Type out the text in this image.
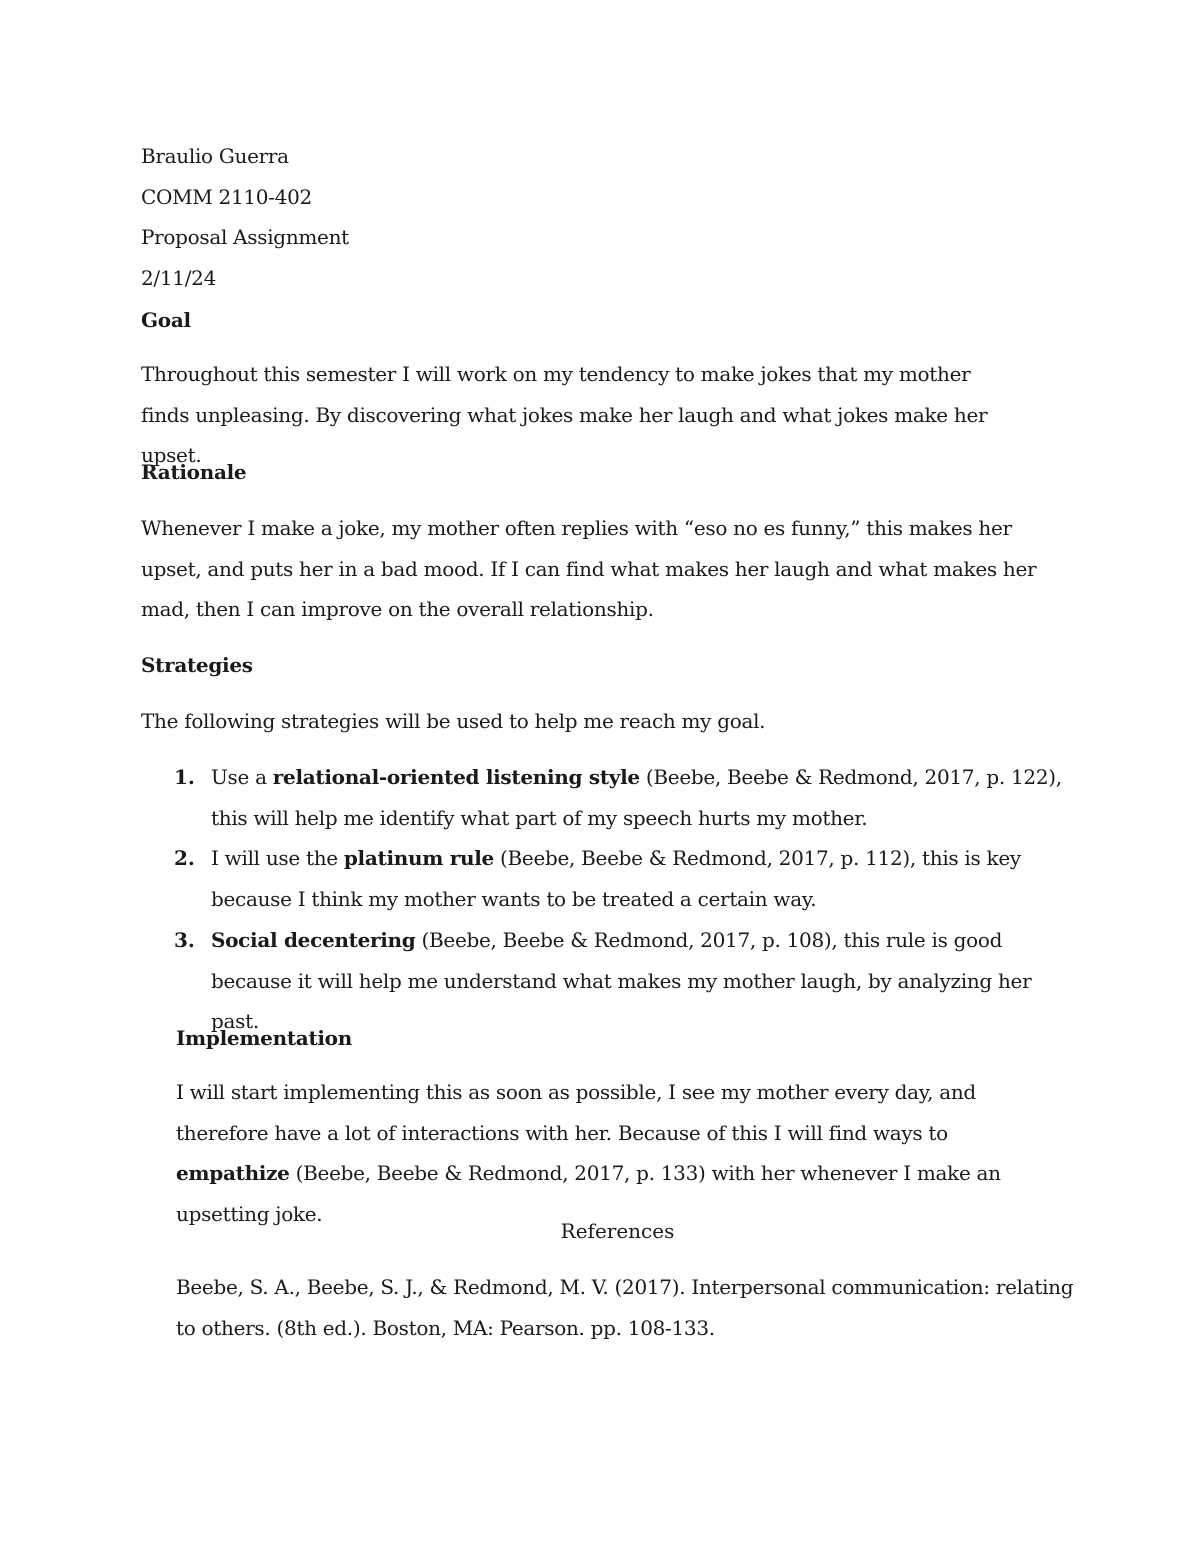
Braulio Guerra
COMM 2110-402
Proposal Assignment
2/11/24
Goal
Throughout this semester I will work on my tendency to make jokes that my mother finds unpleasing. By discovering what jokes make her laugh and what jokes make her upset.
Rationale
Whenever I make a joke, my mother often replies with “eso no es funny,” this makes her upset, and puts her in a bad mood. If I can find what makes her laugh and what makes her mad, then I can improve on the overall relationship.
Strategies
The following strategies will be used to help me reach my goal.
1. Use a relational-oriented listening style (Beebe, Beebe & Redmond, 2017, p. 122), this will help me identify what part of my speech hurts my mother.
2. I will use the platinum rule (Beebe, Beebe & Redmond, 2017, p. 112), this is key because I think my mother wants to be treated a certain way.
3. Social decentering (Beebe, Beebe & Redmond, 2017, p. 108), this rule is good because it will help me understand what makes my mother laugh, by analyzing her past.
Implementation
I will start implementing this as soon as possible, I see my mother every day, and therefore have a lot of interactions with her. Because of this I will find ways to empathize (Beebe, Beebe & Redmond, 2017, p. 133) with her whenever I make an upsetting joke.
References
Beebe, S. A., Beebe, S. J., & Redmond, M. V. (2017). Interpersonal communication: relating to others. (8th ed.). Boston, MA: Pearson. pp. 108-133.
